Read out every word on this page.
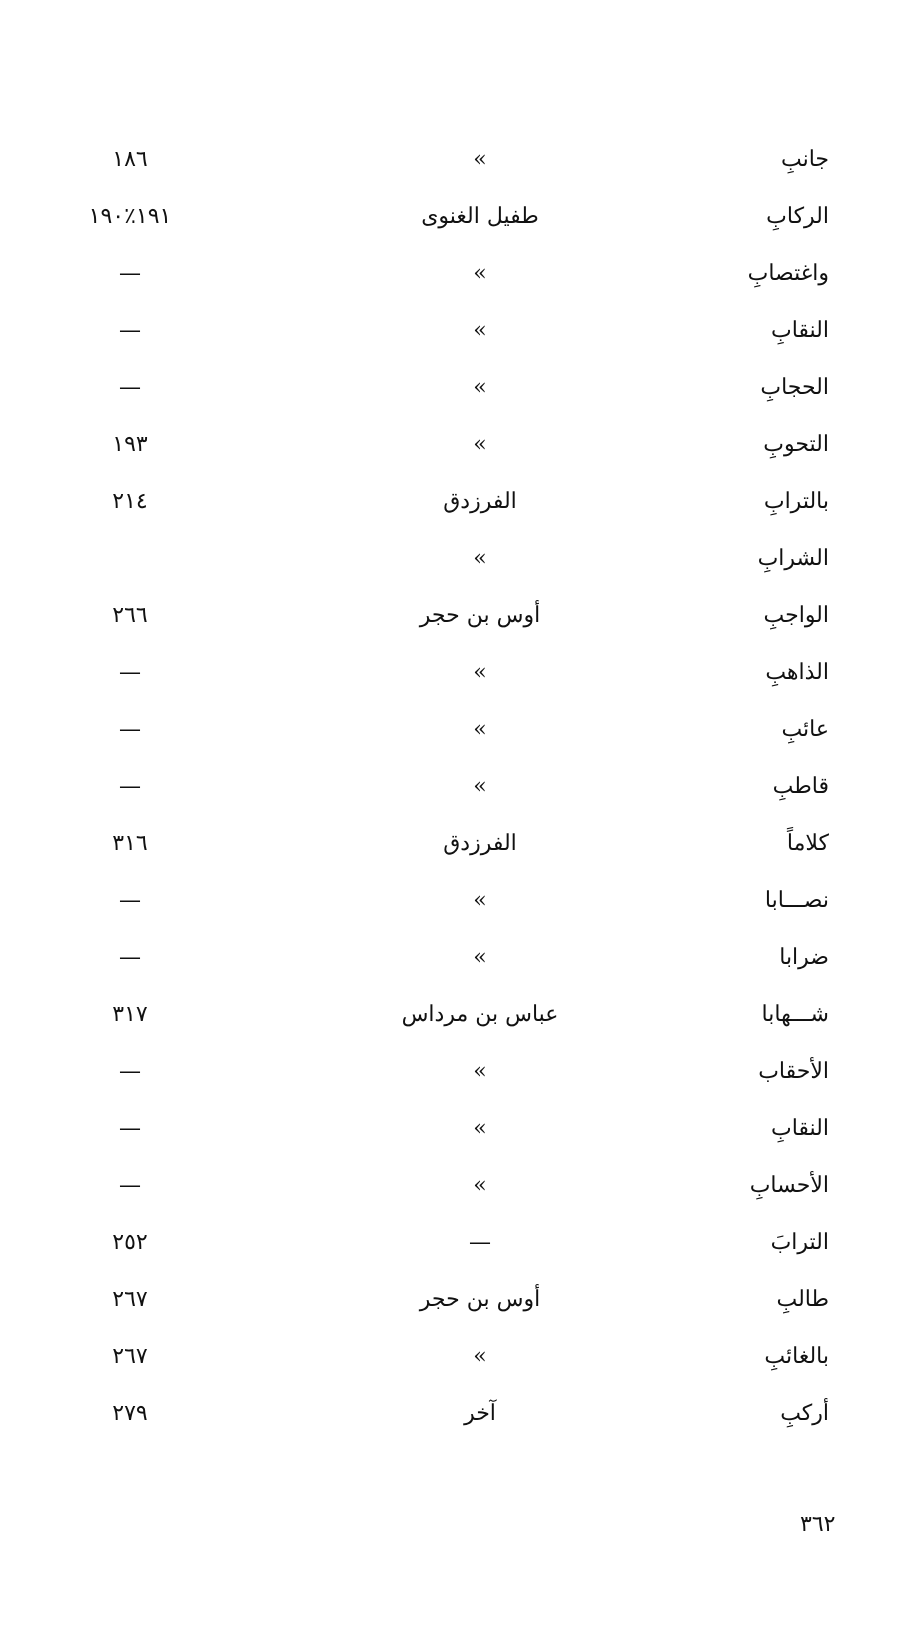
جانبِ
»
١٨٦
الركابِ
طفيل الغنوى
١٩١٪١٩٠
واغتصابِ
»
—
النقابِ
»
—
الحجابِ
»
—
التحوبِ
»
١٩٣
بالترابِ
الفرزدق
٢١٤
الشرابِ
»
الواجبِ
أوس بن حجر
٢٦٦
الذاهبِ
»
—
عائبِ
»
—
قاطبِ
»
—
كلاماً
الفرزدق
٣١٦
نصـــابا
»
—
ضرابا
»
—
شـــهابا
عباس بن مرداس
٣١٧
الأحقاب
»
—
النقابِ
»
—
الأحسابِ
»
—
الترابَ
—
٢٥٢
طالبِ
أوس بن حجر
٢٦٧
بالغائبِ
»
٢٦٧
أركبِ
آخر
٢٧٩
٣٦٢
